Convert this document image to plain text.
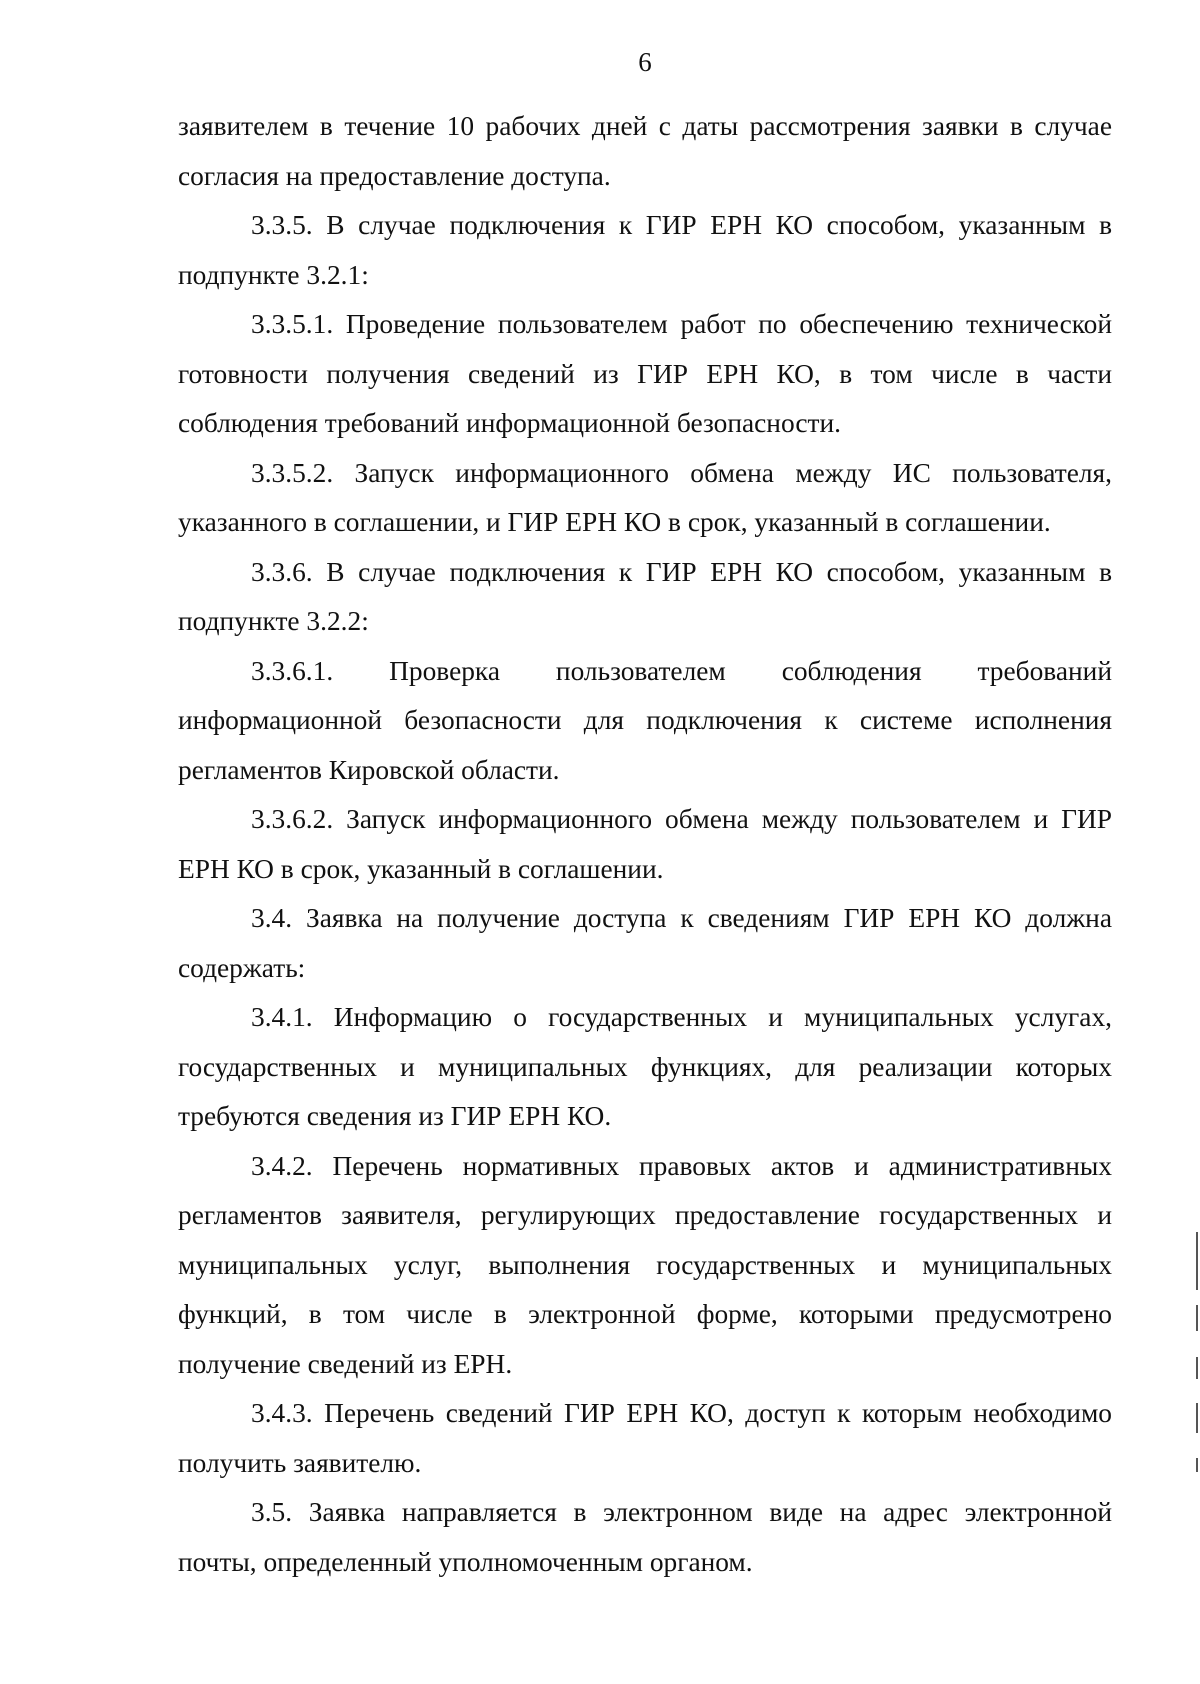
6

заявителем в течение 10 рабочих дней с даты рассмотрения заявки в случае согласия на предоставление доступа.

3.3.5. В случае подключения к ГИР ЕРН КО способом, указанным в подпункте 3.2.1:

3.3.5.1. Проведение пользователем работ по обеспечению технической готовности получения сведений из ГИР ЕРН КО, в том числе в части соблюдения требований информационной безопасности.

3.3.5.2. Запуск информационного обмена между ИС пользователя, указанного в соглашении, и ГИР ЕРН КО в срок, указанный в соглашении.

3.3.6. В случае подключения к ГИР ЕРН КО способом, указанным в подпункте 3.2.2:

3.3.6.1. Проверка пользователем соблюдения требований информационной безопасности для подключения к системе исполнения регламентов Кировской области.

3.3.6.2. Запуск информационного обмена между пользователем и ГИР ЕРН КО в срок, указанный в соглашении.

3.4. Заявка на получение доступа к сведениям ГИР ЕРН КО должна содержать:

3.4.1. Информацию о государственных и муниципальных услугах, государственных и муниципальных функциях, для реализации которых требуются сведения из ГИР ЕРН КО.

3.4.2. Перечень нормативных правовых актов и административных регламентов заявителя, регулирующих предоставление государственных и муниципальных услуг, выполнения государственных и муниципальных функций, в том числе в электронной форме, которыми предусмотрено получение сведений из ЕРН.

3.4.3. Перечень сведений ГИР ЕРН КО, доступ к которым необходимо получить заявителю.

3.5. Заявка направляется в электронном виде на адрес электронной почты, определенный уполномоченным органом.
